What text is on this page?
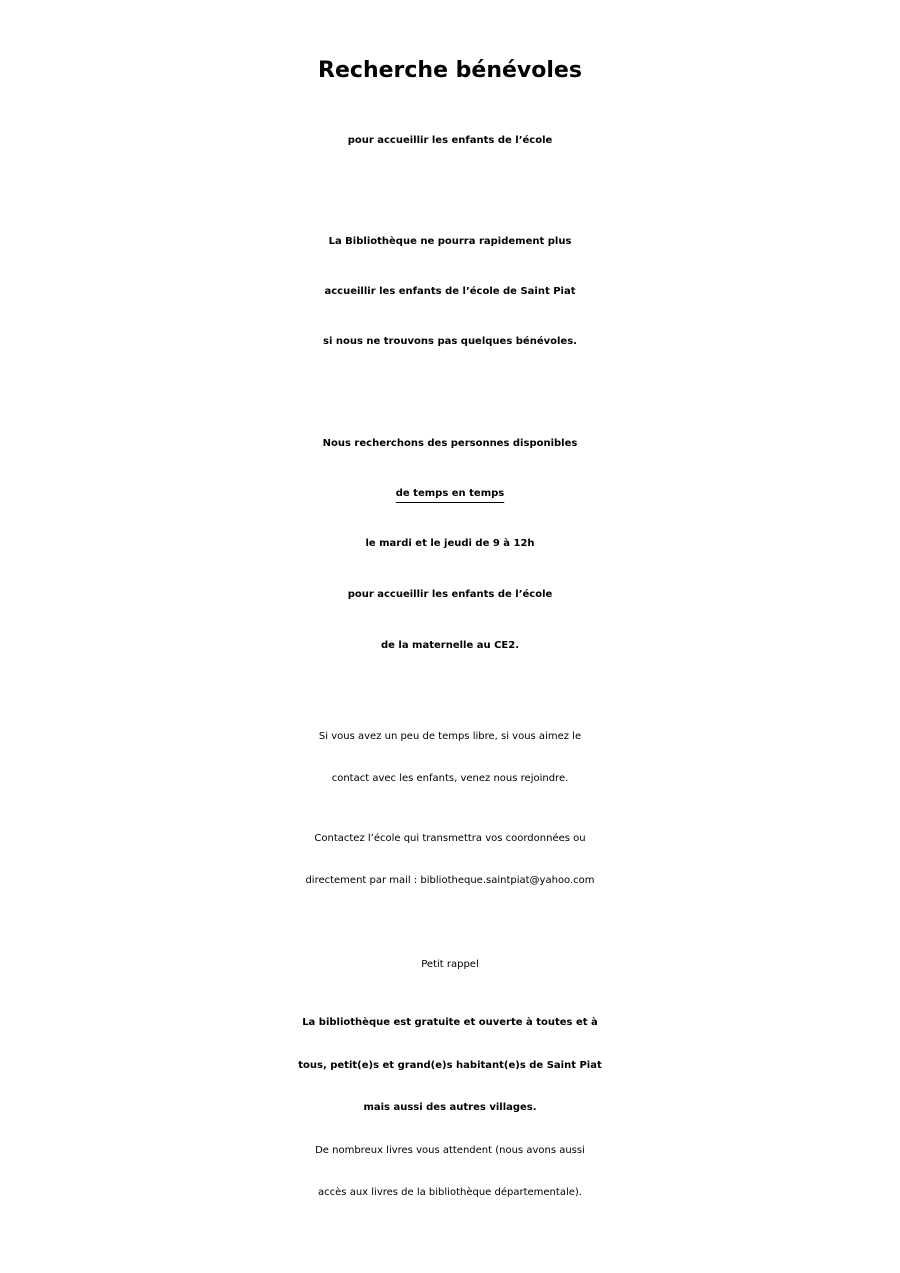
Recherche bénévoles
pour accueillir les enfants de l’école
La Bibliothèque ne pourra rapidement plus
accueillir les enfants de l’école de Saint Piat
si nous ne trouvons pas quelques bénévoles.
Nous recherchons des personnes disponibles
de temps en temps
le mardi et le jeudi de 9 à 12h
pour accueillir les enfants de l’école
de la maternelle au CE2.
Si vous avez un peu de temps libre, si vous aimez le
contact avec les enfants, venez nous rejoindre.
Contactez l’école qui transmettra vos coordonnées ou
directement par mail : bibliotheque.saintpiat@yahoo.com
Petit rappel
La bibliothèque est gratuite et ouverte à toutes et à
tous, petit(e)s et grand(e)s habitant(e)s de Saint Piat
mais aussi des autres villages.
De nombreux livres vous attendent (nous avons aussi
accès aux livres de la bibliothèque départementale).
